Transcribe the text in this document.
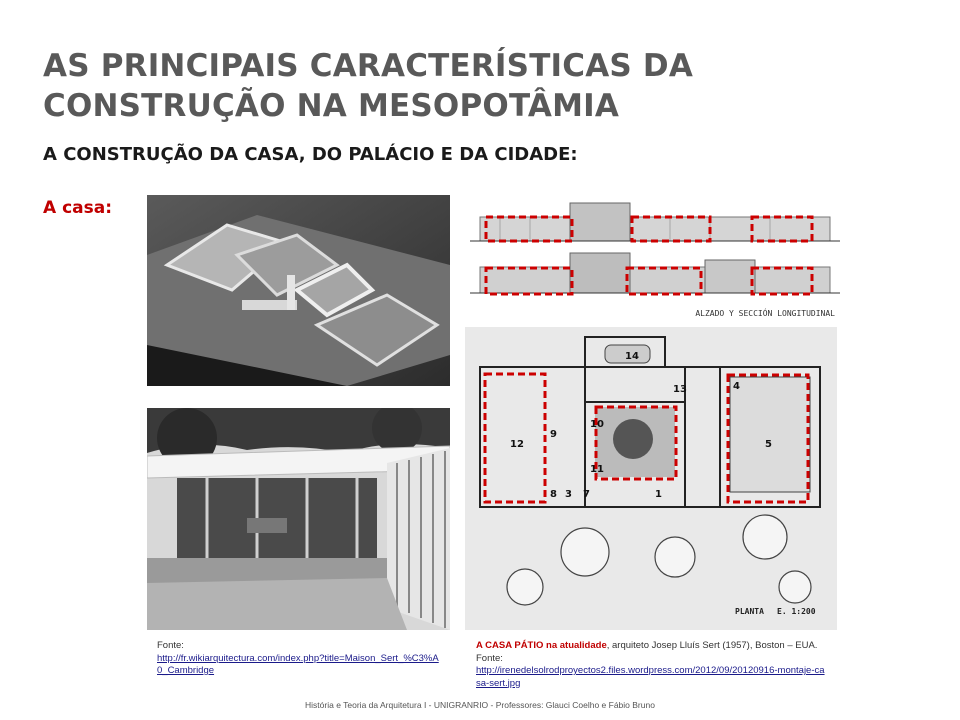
AS PRINCIPAIS CARACTERÍSTICAS DA
CONSTRUÇÃO NA MESOPOTÂMIA
A CONSTRUÇÃO DA CASA, DO PALÁCIO E DA CIDADE:
A casa:
ALZADO Y SECCIÓN LONGITUDINAL
14
13
10
11
12
9
8 3 7	1
4
5
PLANTA E. 1:200
Fonte:
http://fr.wikiarquitectura.com/index.php?title=Maison_Sert_%C3%A0_Cambridge
A CASA PÁTIO na atualidade, arquiteto Josep Lluís Sert (1957), Boston – EUA. Fonte:
http://irenedelsolrodproyectos2.files.wordpress.com/2012/09/20120916-montaje-casa-sert.jpg
História e Teoria da Arquitetura I - UNIGRANRIO - Professores: Glauci Coelho e Fábio Bruno
